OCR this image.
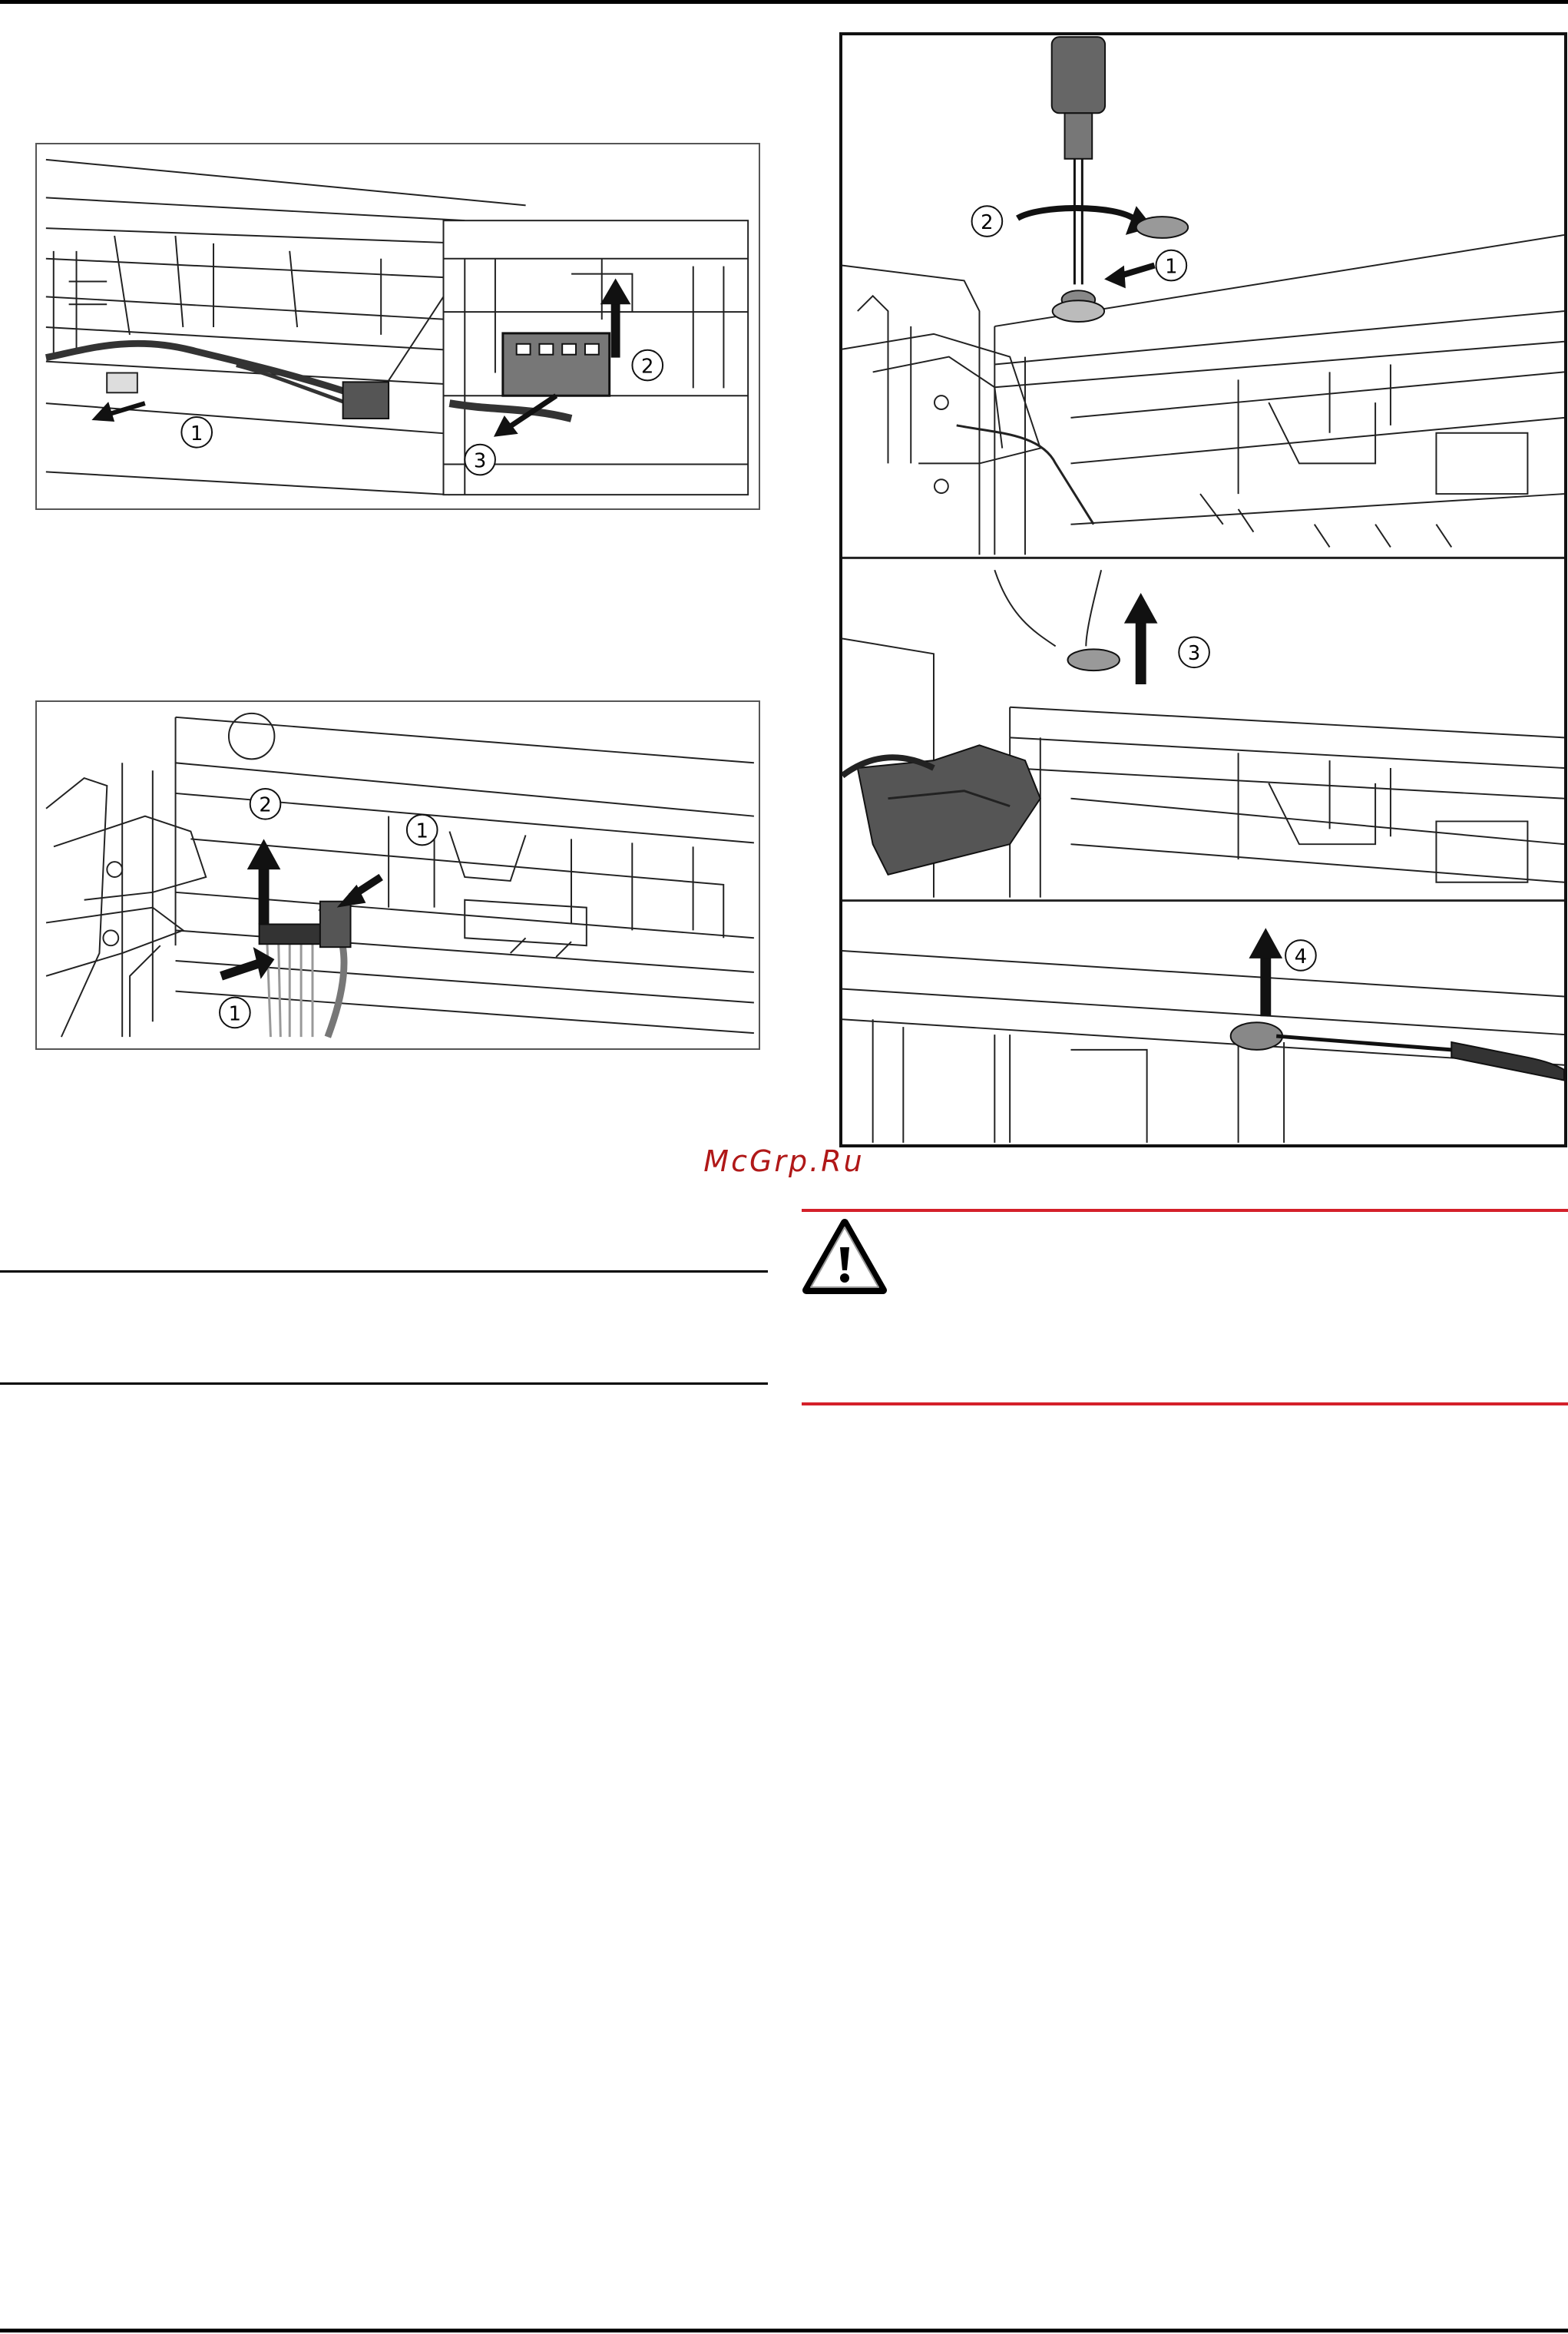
1
2
3
1
2
1
2
1
3
4
McGrp.Ru
